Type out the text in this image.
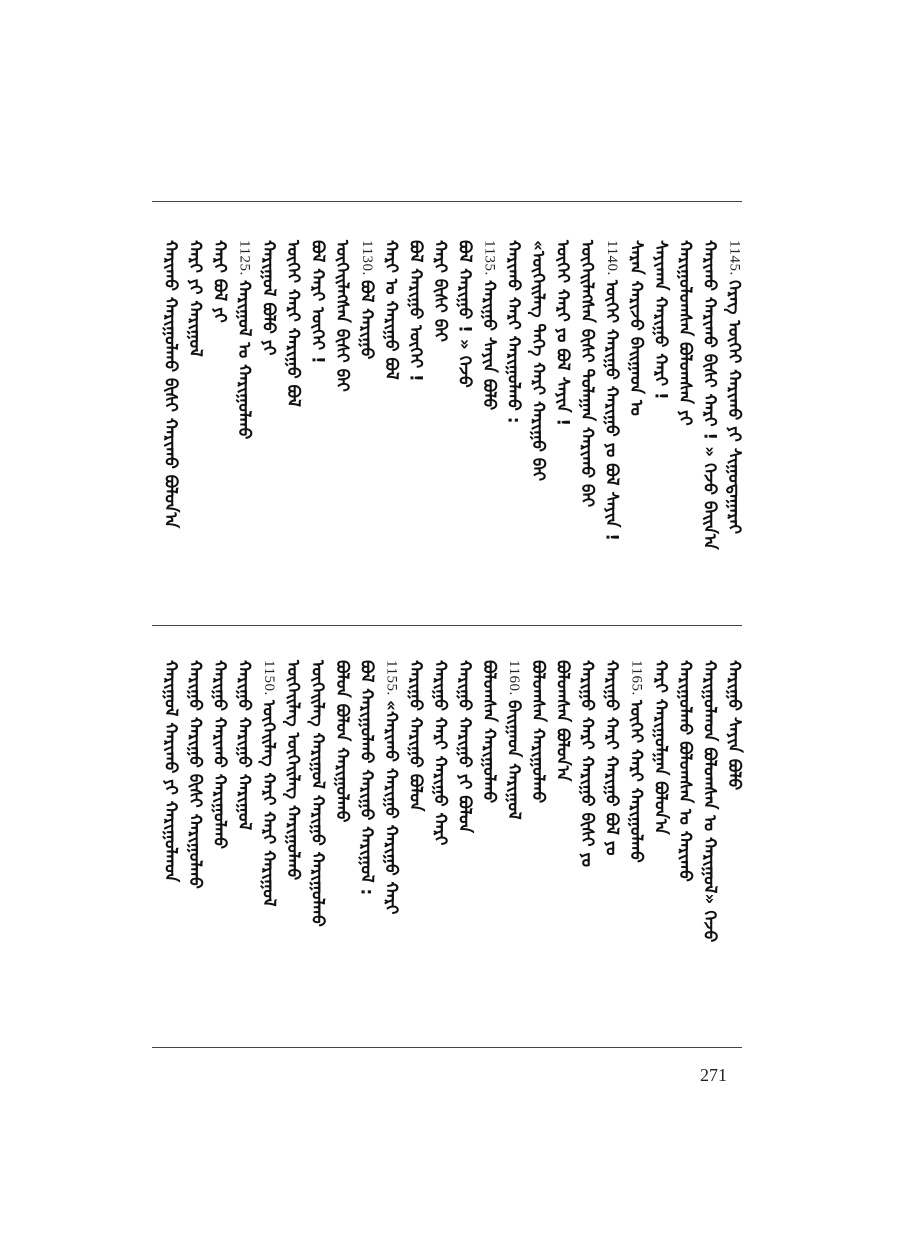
1145.
ᠬᠡᠷᠡᠭ ᠦᠭᠡᠢ ᠬᠠᠷᠢᠬᠤ ᠶᠢ ᠰᠢᠭᠤᠳᠠᠭᠠᠷᠠᠢ
ᠬᠠᠷᠢᠬᠤ ᠬᠠᠷᠢᠬᠤ ᠪᠢᠰᠢ ᠬᠠᠷᠢ ! » ᠭᠡᠵᠦ ᠪᠠᠢᠨ᠎ᠠ
ᠬᠠᠷᠢᠭᠤᠯᠤᠭᠰᠠᠨ ᠪᠣᠯᠤᠭᠰᠠᠨ ᠶᠢ
ᠰᠠᠶᠢᠬᠠᠨ ᠬᠠᠷᠢᠭᠤ ᠬᠠᠷᠢ !
ᠰᠠᠷᠠᠨ ᠬᠠᠷᠢᠵᠤ ᠪᠠᠢᠭᠠᠳ ᠤ
1140.
ᠥᠭᠡᠢ ᠬᠠᠷᠢᠭᠤ ᠬᠠᠷᠢᠭᠤ ᠶᠤ ᠪᠣᠯ ᠰᠠᠶᠢᠨ !
ᠥᠭᠡᠢᠯᠡᠭᠰᠡᠨ ᠪᠢᠰᠢ ᠳᠤᠯᠠᠭᠠᠨ ᠬᠠᠷᠢᠬᠤ ᠪᠠᠢ
ᠥᠭᠡᠢ ᠬᠠᠷᠢ ᠶᠤ ᠪᠣᠯ ᠰᠠᠶᠢᠨ !
«ᠥᠭᠡᠢᠯᠡᠭ ᠳᠡᠭᠡ ᠬᠠᠷᠢ ᠬᠠᠷᠢᠭᠤ ᠪᠠᠢ
ᠬᠠᠷᠢᠬᠤ ᠬᠠᠷᠢ ᠬᠠᠷᠢᠭᠤᠯᠬᠤ :
1135.
ᠬᠠᠷᠢᠭᠤ ᠰᠠᠶᠢᠨ ᠪᠣᠯᠤ
ᠪᠣᠯ ᠬᠠᠷᠢᠭᠤ ! » ᠭᠡᠵᠦ
ᠬᠠᠷᠢ ᠪᠢᠰᠢ ᠪᠠᠢ
ᠪᠣᠯ ᠬᠠᠷᠢᠭᠤ ᠥᠭᠡᠢ !
ᠬᠠᠷᠢ ᠤ ᠬᠠᠷᠢᠭᠤ ᠪᠣᠯ
1130.
ᠪᠣᠯ ᠬᠠᠷᠢᠭᠤ
ᠥᠭᠡᠢᠯᠡᠭᠰᠡᠨ ᠪᠢᠰᠢ ᠪᠠᠢ
ᠪᠣᠯ ᠬᠠᠷᠢ ᠥᠭᠡᠢ !
ᠥᠭᠡᠢ ᠬᠠᠷᠢ ᠬᠠᠷᠢᠭᠤ ᠪᠣᠯ
ᠬᠠᠷᠢᠭᠤᠯ ᠪᠣᠯᠤ ᠶᠢ
1125.
ᠬᠠᠷᠢᠭᠤᠯ ᠤ ᠬᠠᠷᠢᠭᠤᠯᠬᠤ
ᠬᠠᠷᠢ ᠪᠣᠯ ᠶᠢ
ᠬᠠᠷᠢ ᠶᠢ ᠬᠠᠷᠢᠭᠤᠯ
ᠬᠠᠷᠢᠬᠤ ᠬᠠᠷᠢᠭᠤᠯᠬᠤ ᠪᠢᠰᠢ ᠬᠠᠷᠢᠬᠤ ᠪᠣᠯᠤᠨ᠎ᠠ
ᠬᠠᠷᠢᠭᠤ ᠰᠠᠶᠢᠨ ᠪᠣᠯᠤ
ᠬᠠᠷᠢᠭᠤᠯᠬᠤᠨ ᠪᠣᠯᠤᠭᠰᠠᠨ ᠤ ᠬᠠᠷᠢᠭᠤᠯ» ᠭᠡᠵᠦ
ᠬᠠᠷᠢᠭᠤᠯᠬᠤ ᠪᠣᠯᠤᠭᠰᠠᠨ ᠤ ᠬᠠᠷᠢᠬᠤ
ᠬᠠᠷᠢ ᠬᠠᠷᠢᠭᠤᠯᠭᠠᠨ ᠪᠣᠯᠤᠨ᠎ᠠ
1165.
ᠥᠭᠡᠢ ᠬᠠᠷᠢ ᠬᠠᠷᠢᠭᠤᠯᠬᠤ
ᠬᠠᠷᠢᠭᠤ ᠬᠠᠷᠢ ᠬᠠᠷᠢᠭᠤ ᠪᠣᠯ ᠶᠤ
ᠬᠠᠷᠢᠭᠤ ᠬᠠᠷᠢ ᠬᠠᠷᠢᠭᠤ ᠪᠢᠰᠢ ᠶᠤ
ᠪᠣᠯᠤᠭᠰᠠᠨ ᠪᠣᠯᠤᠨ᠎ᠠ
ᠪᠣᠯᠤᠭᠰᠠᠨ ᠬᠠᠷᠢᠭᠤᠯᠬᠤ
1160.
ᠪᠠᠢᠭᠠᠳ ᠬᠠᠷᠢᠭᠤᠯ
ᠪᠣᠯᠤᠭᠰᠠᠨ ᠬᠠᠷᠢᠭᠤᠯᠬᠤ
ᠬᠠᠷᠢᠭᠤ ᠬᠠᠷᠢᠭᠤ ᠶᠢ ᠪᠣᠯᠤᠨ
ᠬᠠᠷᠢᠭᠤ ᠬᠠᠷᠢ ᠬᠠᠷᠢᠭᠤ ᠬᠠᠷᠢ
ᠬᠠᠷᠢᠭᠤ ᠬᠠᠷᠢᠭᠤ ᠪᠣᠯᠤᠨ
1155.
«ᠬᠠᠷᠢᠬᠤ ᠬᠠᠷᠢᠭᠤ ᠬᠠᠷᠢᠭᠤ ᠬᠠᠷᠢ
ᠪᠣᠯ ᠬᠠᠷᠢᠭᠤᠯᠬᠤ ᠬᠠᠷᠢᠭᠤ ᠬᠠᠷᠢᠭᠤᠯ :
ᠪᠣᠯᠤᠨ ᠪᠣᠯᠤᠨ ᠬᠠᠷᠢᠭᠤᠯᠬᠤ
ᠥᠭᠡᠢᠯᠡᠭ ᠬᠠᠷᠢᠭᠤᠯ ᠬᠠᠷᠢᠭᠤ ᠬᠠᠷᠢᠭᠤᠯᠬᠤ
ᠥᠭᠡᠢᠯᠡᠭ ᠥᠭᠡᠢᠯᠡᠭ ᠬᠠᠷᠢᠭᠤᠯᠬᠤ
1150.
ᠥᠭᠡᠢᠯᠡᠭ ᠬᠠᠷᠢ ᠬᠠᠷᠢ ᠬᠠᠷᠢᠭᠤᠯ
ᠬᠠᠷᠢᠭᠤ ᠬᠠᠷᠢᠭᠤ ᠬᠠᠷᠢᠭᠤᠯ
ᠬᠠᠷᠢᠭᠤ ᠬᠠᠷᠢᠬᠤ ᠬᠠᠷᠢᠭᠤᠯᠬᠤ
ᠬᠠᠷᠢᠭᠤ ᠬᠠᠷᠢᠭᠤ ᠪᠢᠰᠢ ᠬᠠᠷᠢᠭᠤᠯᠬᠤ
ᠬᠠᠷᠢᠭᠤᠯ ᠬᠠᠷᠢᠬᠤ ᠶᠢ ᠬᠠᠷᠢᠭᠤᠯᠬᠤᠨ
271
